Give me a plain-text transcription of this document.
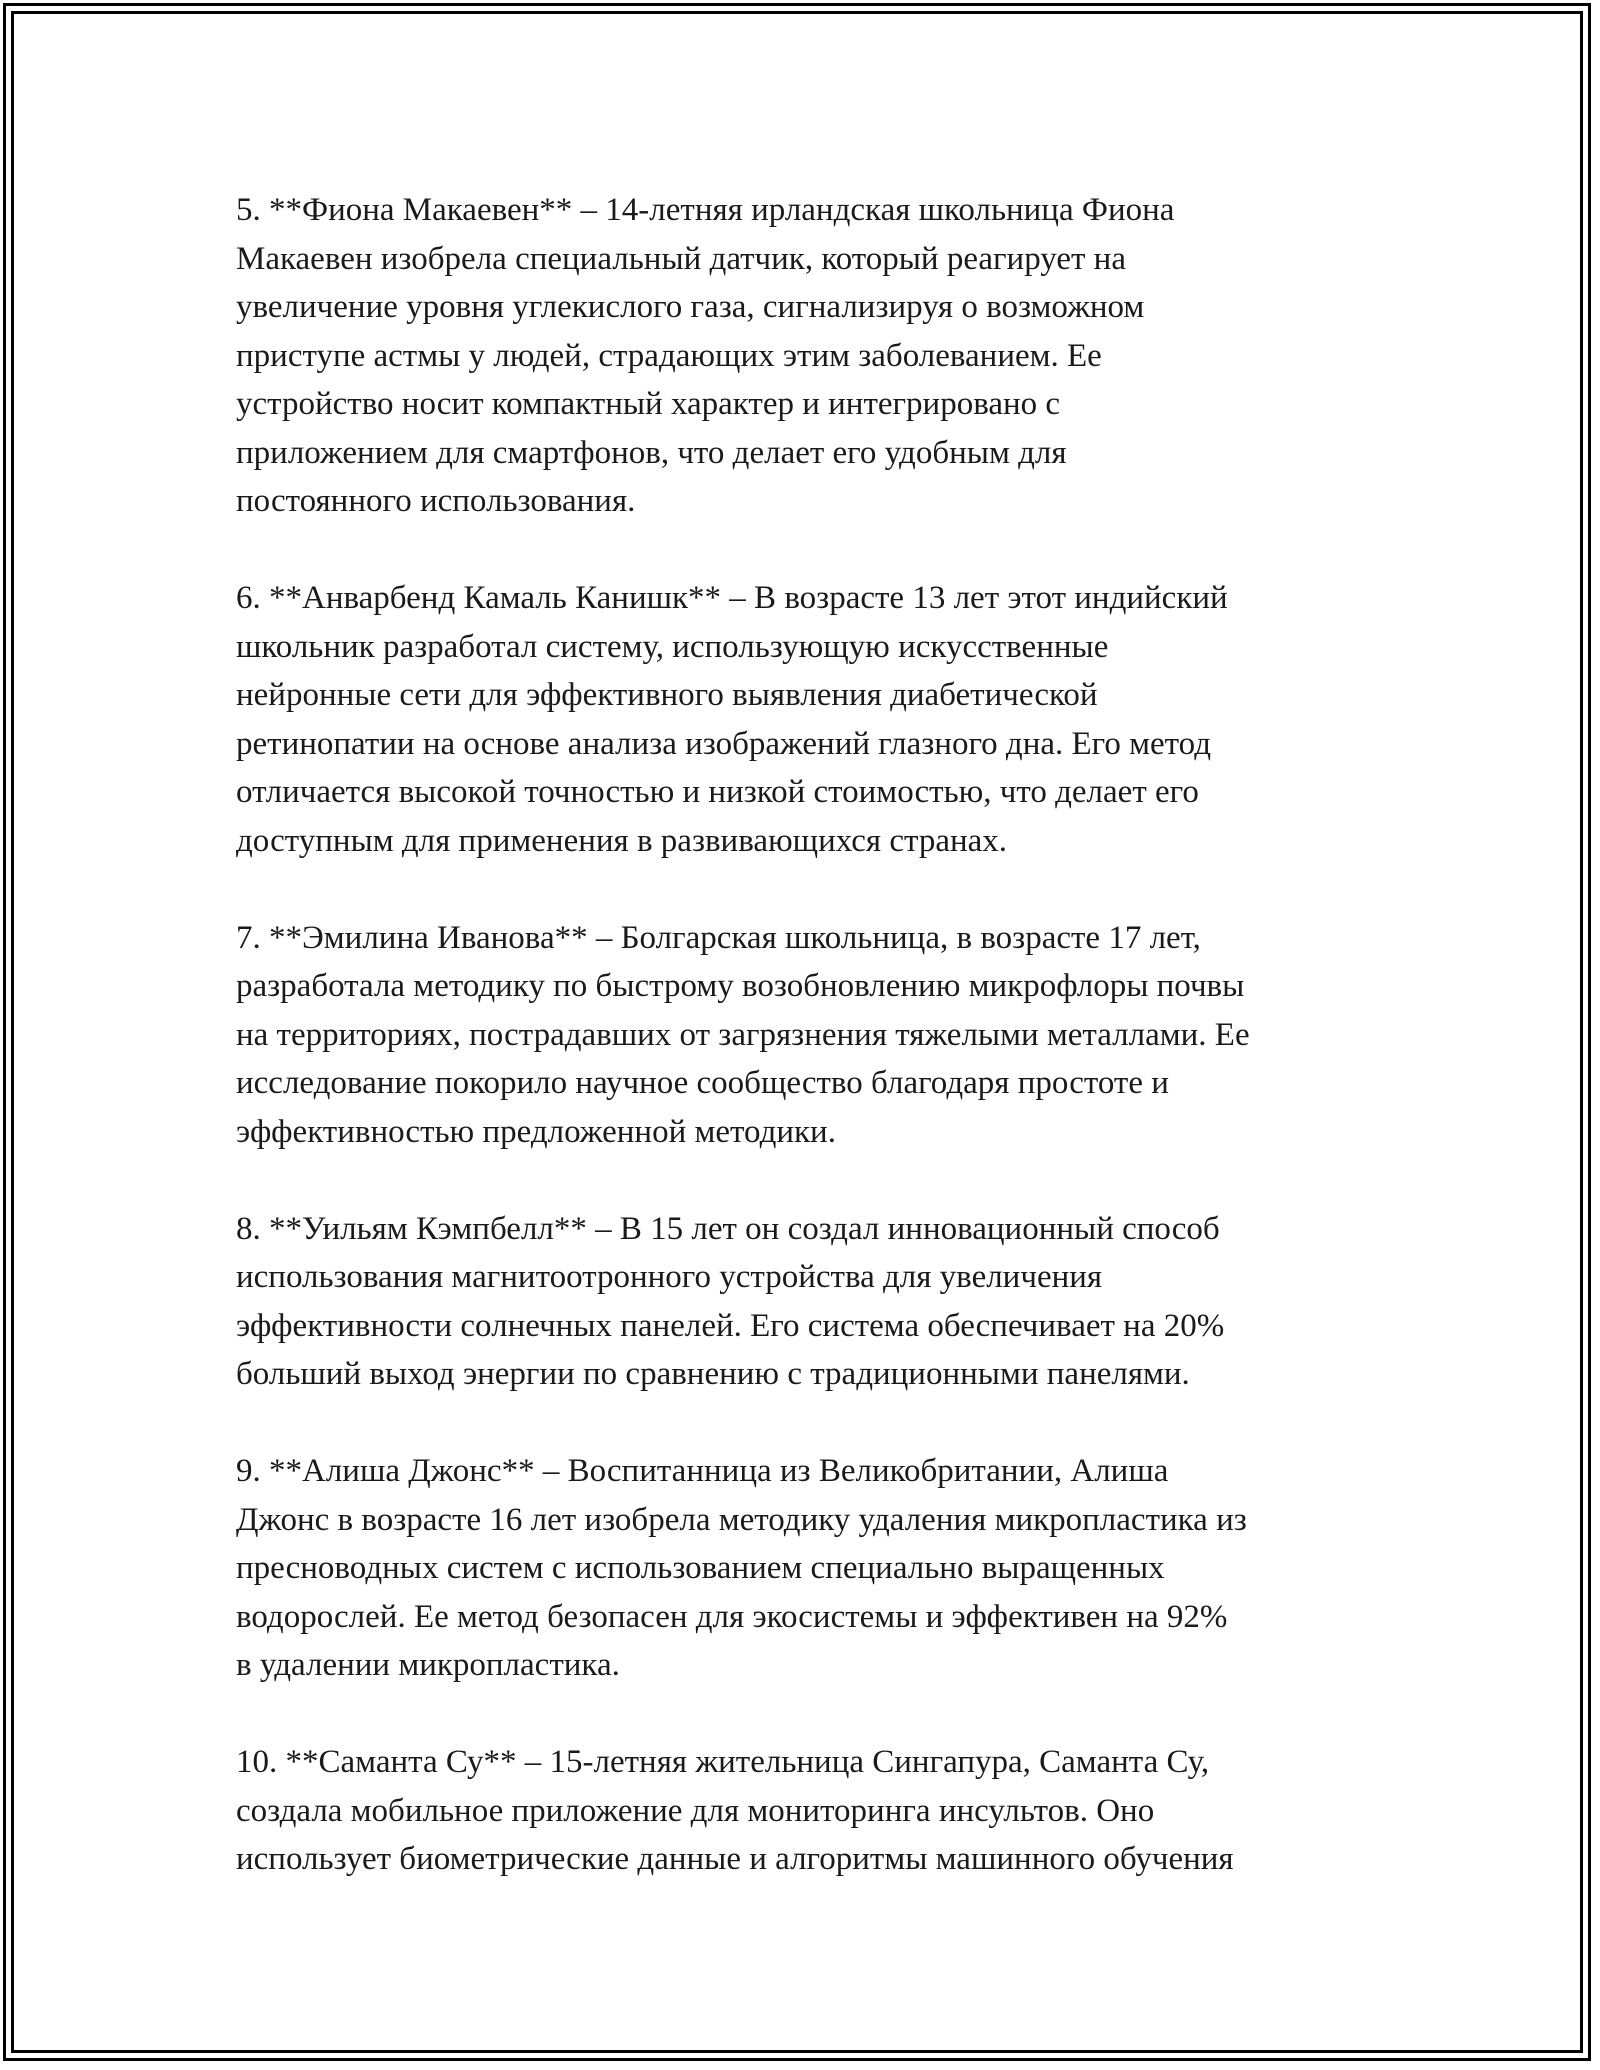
5. **Фиона Макаевен** – 14-летняя ирландская школьница Фиона
Макаевен изобрела специальный датчик, который реагирует на
увеличение уровня углекислого газа, сигнализируя о возможном
приступе астмы у людей, страдающих этим заболеванием. Ее
устройство носит компактный характер и интегрировано с
приложением для смартфонов, что делает его удобным для
постоянного использования.

6. **Анварбенд Камаль Канишк** – В возрасте 13 лет этот индийский
школьник разработал систему, использующую искусственные
нейронные сети для эффективного выявления диабетической
ретинопатии на основе анализа изображений глазного дна. Его метод
отличается высокой точностью и низкой стоимостью, что делает его
доступным для применения в развивающихся странах.

7. **Эмилина Иванова** – Болгарская школьница, в возрасте 17 лет,
разработала методику по быстрому возобновлению микрофлоры почвы
на территориях, пострадавших от загрязнения тяжелыми металлами. Ее
исследование покорило научное сообщество благодаря простоте и
эффективностью предложенной методики.

8. **Уильям Кэмпбелл** – В 15 лет он создал инновационный способ
использования магнитоотронного устройства для увеличения
эффективности солнечных панелей. Его система обеспечивает на 20%
больший выход энергии по сравнению с традиционными панелями.

9. **Алиша Джонс** – Воспитанница из Великобритании, Алиша
Джонс в возрасте 16 лет изобрела методику удаления микропластика из
пресноводных систем с использованием специально выращенных
водорослей. Ее метод безопасен для экосистемы и эффективен на 92%
в удалении микропластика.

10. **Саманта Су** – 15-летняя жительница Сингапура, Саманта Су,
создала мобильное приложение для мониторинга инсультов. Оно
использует биометрические данные и алгоритмы машинного обучения
